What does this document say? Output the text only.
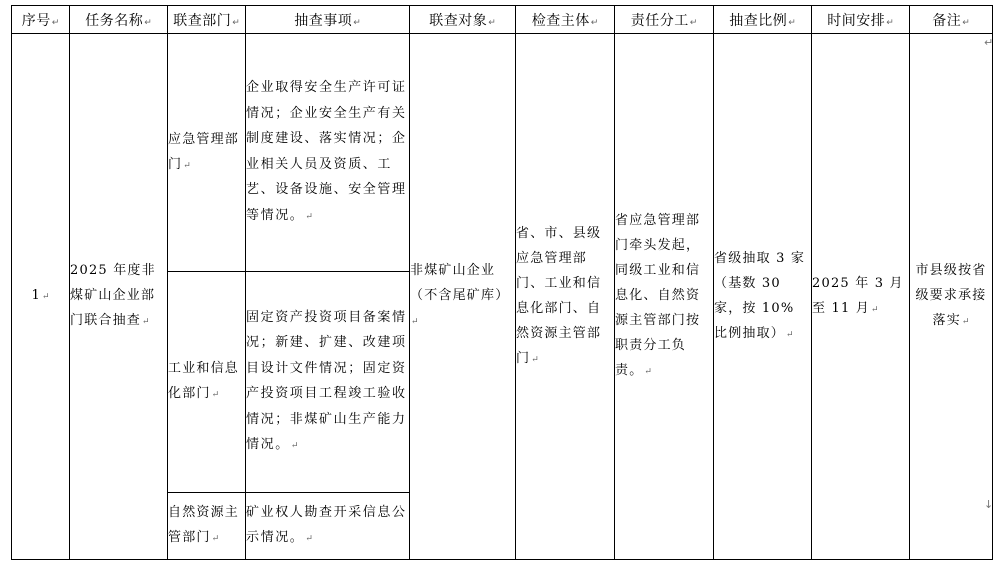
序号↵	任务名称↵	联查部门↵	抽查事项↵	联查对象↵	检查主体↵	责任分工↵	抽查比例↵	时间安排↵	备注↵
1↵	2025 年度非煤矿山企业部门联合抽查↵	应急管理部门↵	企业取得安全生产许可证情况；企业安全生产有关制度建设、落实情况；企业相关人员及资质、工艺、设备设施、安全管理等情况。↵	非煤矿山企业（不含尾矿库）↵	省、市、县级应急管理部门、工业和信息化部门、自然资源主管部门↵	省应急管理部门牵头发起，同级工业和信息化、自然资源主管部门按职责分工负责。↵	省级抽取 3 家（基数 30 家，按 10% 比例抽取）↵	2025 年 3 月至 11 月↵	市县级按省级要求承接落实↵
		工业和信息化部门↵	固定资产投资项目备案情况；新建、扩建、改建项目设计文件情况；固定资产投资项目工程竣工验收情况；非煤矿山生产能力情况。↵						
		自然资源主管部门↵	矿业权人勘查开采信息公示情况。↵						
↵
↓
